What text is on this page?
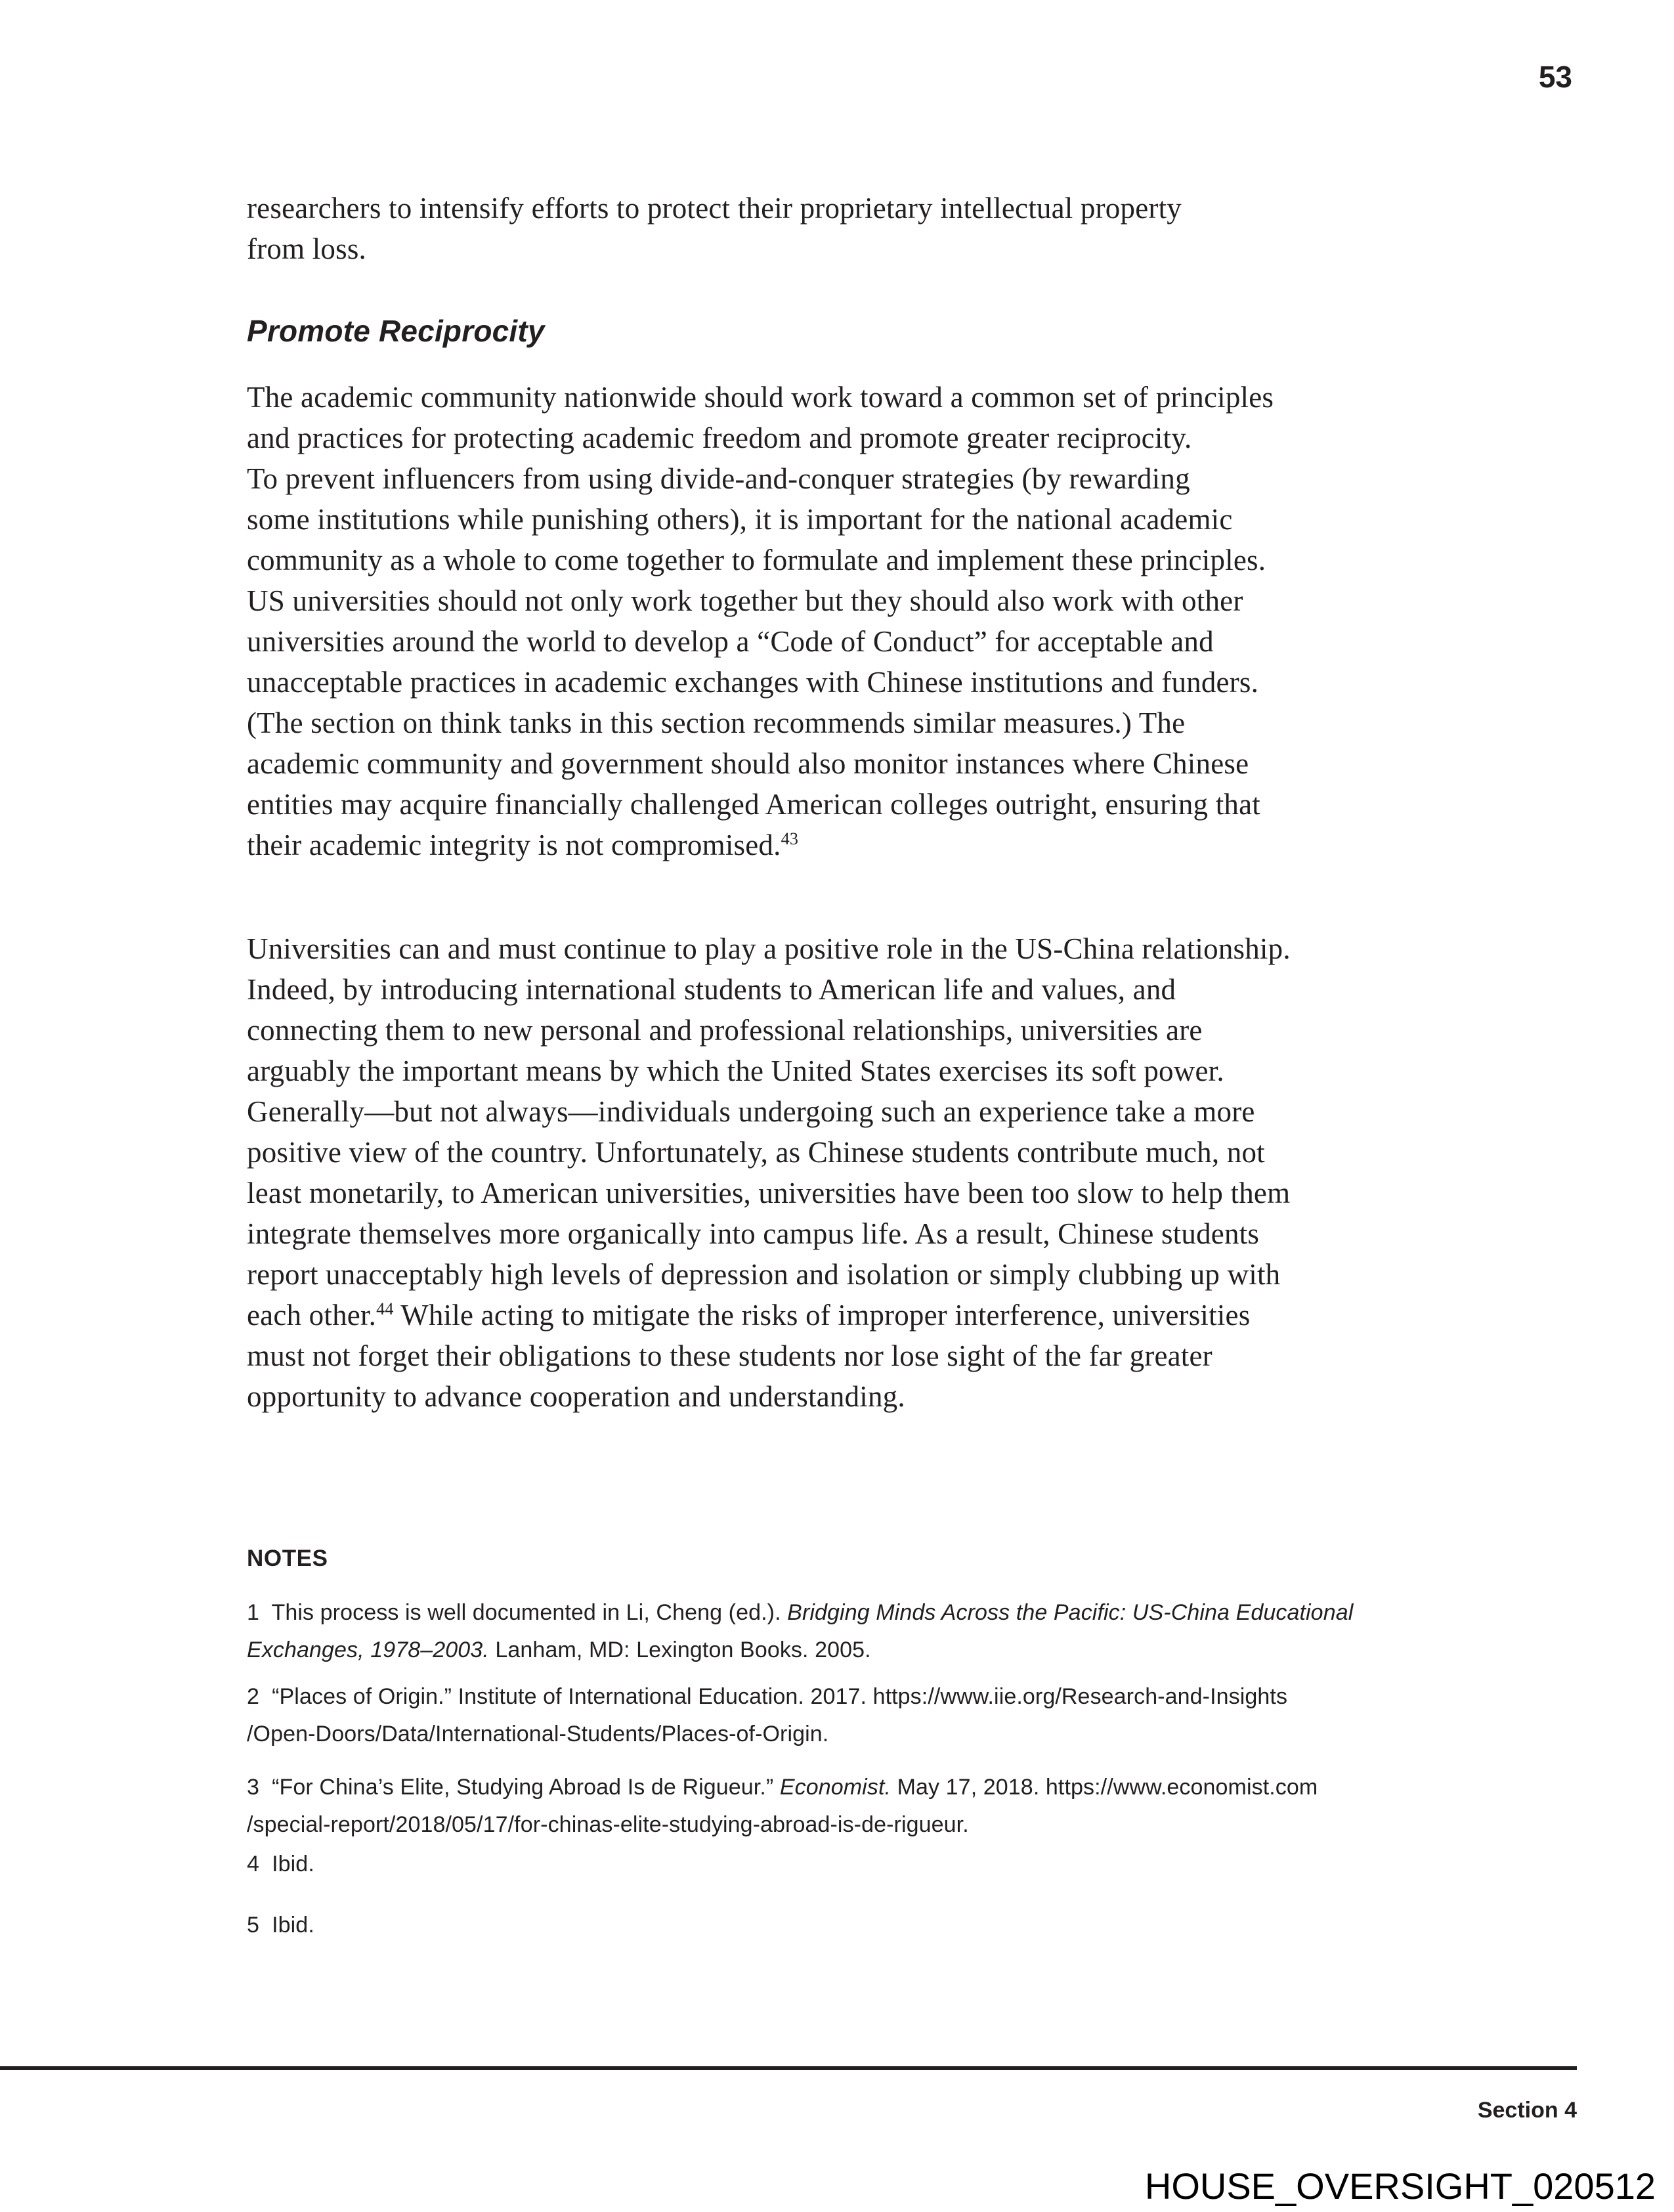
53
researchers to intensify efforts to protect their proprietary intellectual property
from loss.
Promote Reciprocity
The academic community nationwide should work toward a common set of principles
and practices for protecting academic freedom and promote greater reciprocity.
To prevent influencers from using divide-and-conquer strategies (by rewarding
some institutions while punishing others), it is important for the national academic
community as a whole to come together to formulate and implement these principles.
US universities should not only work together but they should also work with other
universities around the world to develop a “Code of Conduct” for acceptable and
unacceptable practices in academic exchanges with Chinese institutions and funders.
(The section on think tanks in this section recommends similar measures.) The
academic community and government should also monitor instances where Chinese
entities may acquire financially challenged American colleges outright, ensuring that
their academic integrity is not compromised.$^{43}$
Universities can and must continue to play a positive role in the US-China relationship.
Indeed, by introducing international students to American life and values, and
connecting them to new personal and professional relationships, universities are
arguably the important means by which the United States exercises its soft power.
Generally—but not always—individuals undergoing such an experience take a more
positive view of the country. Unfortunately, as Chinese students contribute much, not
least monetarily, to American universities, universities have been too slow to help them
integrate themselves more organically into campus life. As a result, Chinese students
report unacceptably high levels of depression and isolation or simply clubbing up with
each other.$^{44}$ While acting to mitigate the risks of improper interference, universities
must not forget their obligations to these students nor lose sight of the far greater
opportunity to advance cooperation and understanding.
NOTES
1  This process is well documented in Li, Cheng (ed.). Bridging Minds Across the Pacific: US-China Educational
Exchanges, 1978–2003. Lanham, MD: Lexington Books. 2005.
2  “Places of Origin.” Institute of International Education. 2017. https://www.iie.org/Research-and-Insights
/Open-Doors/Data/International-Students/Places-of-Origin.
3  “For China’s Elite, Studying Abroad Is de Rigueur.” Economist. May 17, 2018. https://www.economist.com
/special-report/2018/05/17/for-chinas-elite-studying-abroad-is-de-rigueur.
4  Ibid.
5  Ibid.
Section 4
HOUSE_OVERSIGHT_020512
